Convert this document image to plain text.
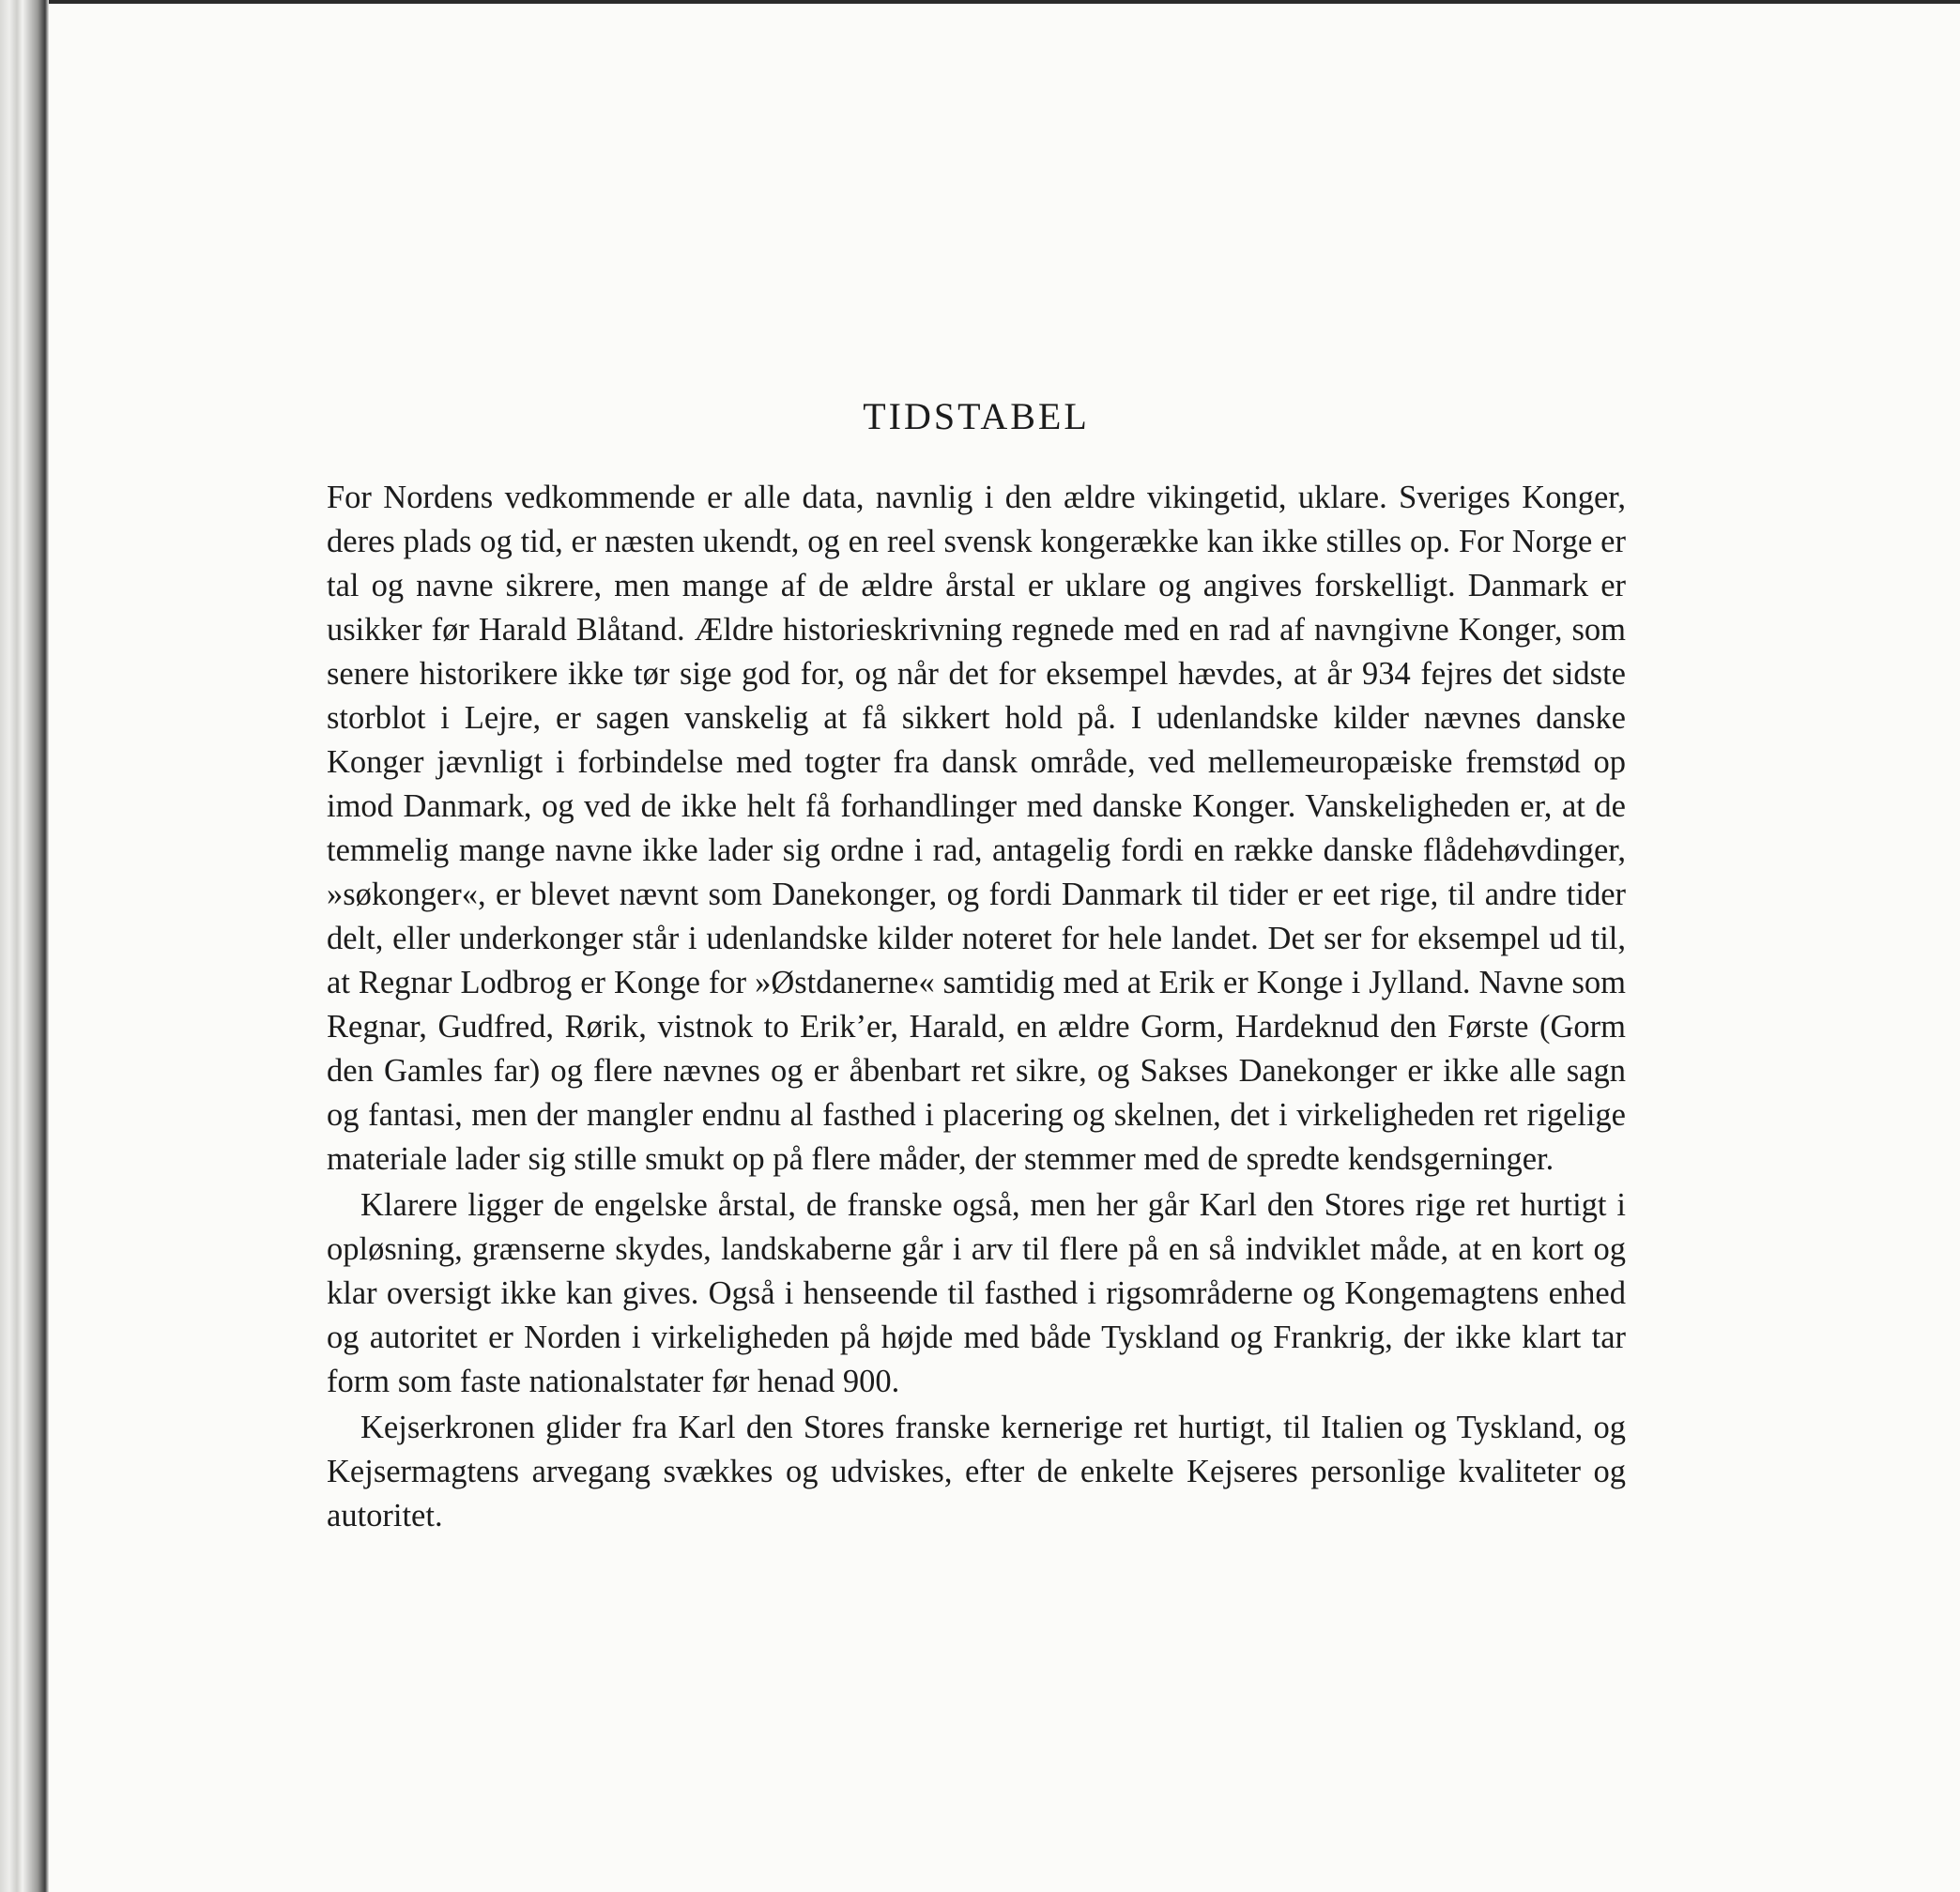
TIDSTABEL

For Nordens vedkommende er alle data, navnlig i den ældre vikingetid, uklare. Sveriges Konger, deres plads og tid, er næsten ukendt, og en reel svensk kongerække kan ikke stilles op. For Norge er tal og navne sikrere, men mange af de ældre årstal er uklare og angives forskelligt. Danmark er usikker før Harald Blåtand. Ældre historieskrivning regnede med en rad af navngivne Konger, som senere historikere ikke tør sige god for, og når det for eksempel hævdes, at år 934 fejres det sidste storblot i Lejre, er sagen vanskelig at få sikkert hold på. I udenlandske kilder nævnes danske Konger jævnligt i forbindelse med togter fra dansk område, ved mellemeuropæiske fremstød op imod Danmark, og ved de ikke helt få forhandlinger med danske Konger. Vanskeligheden er, at de temmelig mange navne ikke lader sig ordne i rad, antagelig fordi en række danske flådehøvdinger, »søkonger«, er blevet nævnt som Danekonger, og fordi Danmark til tider er eet rige, til andre tider delt, eller underkonger står i udenlandske kilder noteret for hele landet. Det ser for eksempel ud til, at Regnar Lodbrog er Konge for »Østdanerne« samtidig med at Erik er Konge i Jylland. Navne som Regnar, Gudfred, Rørik, vistnok to Erik’er, Harald, en ældre Gorm, Hardeknud den Første (Gorm den Gamles far) og flere nævnes og er åbenbart ret sikre, og Sakses Danekonger er ikke alle sagn og fantasi, men der mangler endnu al fasthed i placering og skelnen, det i virkeligheden ret rigelige materiale lader sig stille smukt op på flere måder, der stemmer med de spredte kendsgerninger.

Klarere ligger de engelske årstal, de franske også, men her går Karl den Stores rige ret hurtigt i opløsning, grænserne skydes, landskaberne går i arv til flere på en så indviklet måde, at en kort og klar oversigt ikke kan gives. Også i henseende til fasthed i rigsområderne og Kongemagtens enhed og autoritet er Norden i virkeligheden på højde med både Tyskland og Frankrig, der ikke klart tar form som faste nationalstater før henad 900.

Kejserkronen glider fra Karl den Stores franske kernerige ret hurtigt, til Italien og Tyskland, og Kejsermagtens arvegang svækkes og udviskes, efter de enkelte Kejseres personlige kvaliteter og autoritet.
